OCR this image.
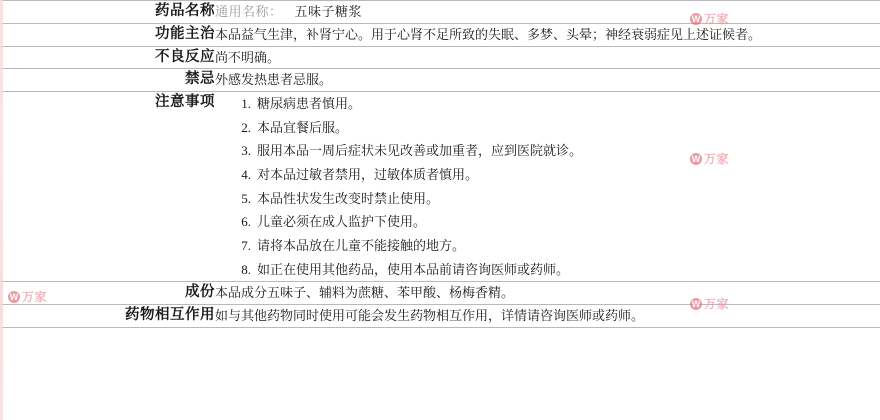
药品名称	通用名称： 五味子糖浆

功能主治	本品益气生津，补肾宁心。用于心肾不足所致的失眠、多梦、头晕；神经衰弱症见上述证候者。

不良反应	尚不明确。

禁忌	外感发热患者忌服。

注意事项	糖尿病患者慎用。
本品宜餐后服。
服用本品一周后症状未见改善或加重者，应到医院就诊。
对本品过敏者禁用，过敏体质者慎用。
本品性状发生改变时禁止使用。
儿童必须在成人监护下使用。
请将本品放在儿童不能接触的地方。
如正在使用其他药品，使用本品前请咨询医师或药师。

成份	本品成分五味子、辅料为蔗糖、苯甲酸、杨梅香精。

药物相互作用	如与其他药物同时使用可能会发生药物相互作用，详情请咨询医师或药师。

W 万家
W 万家
W 万家
W 万家
